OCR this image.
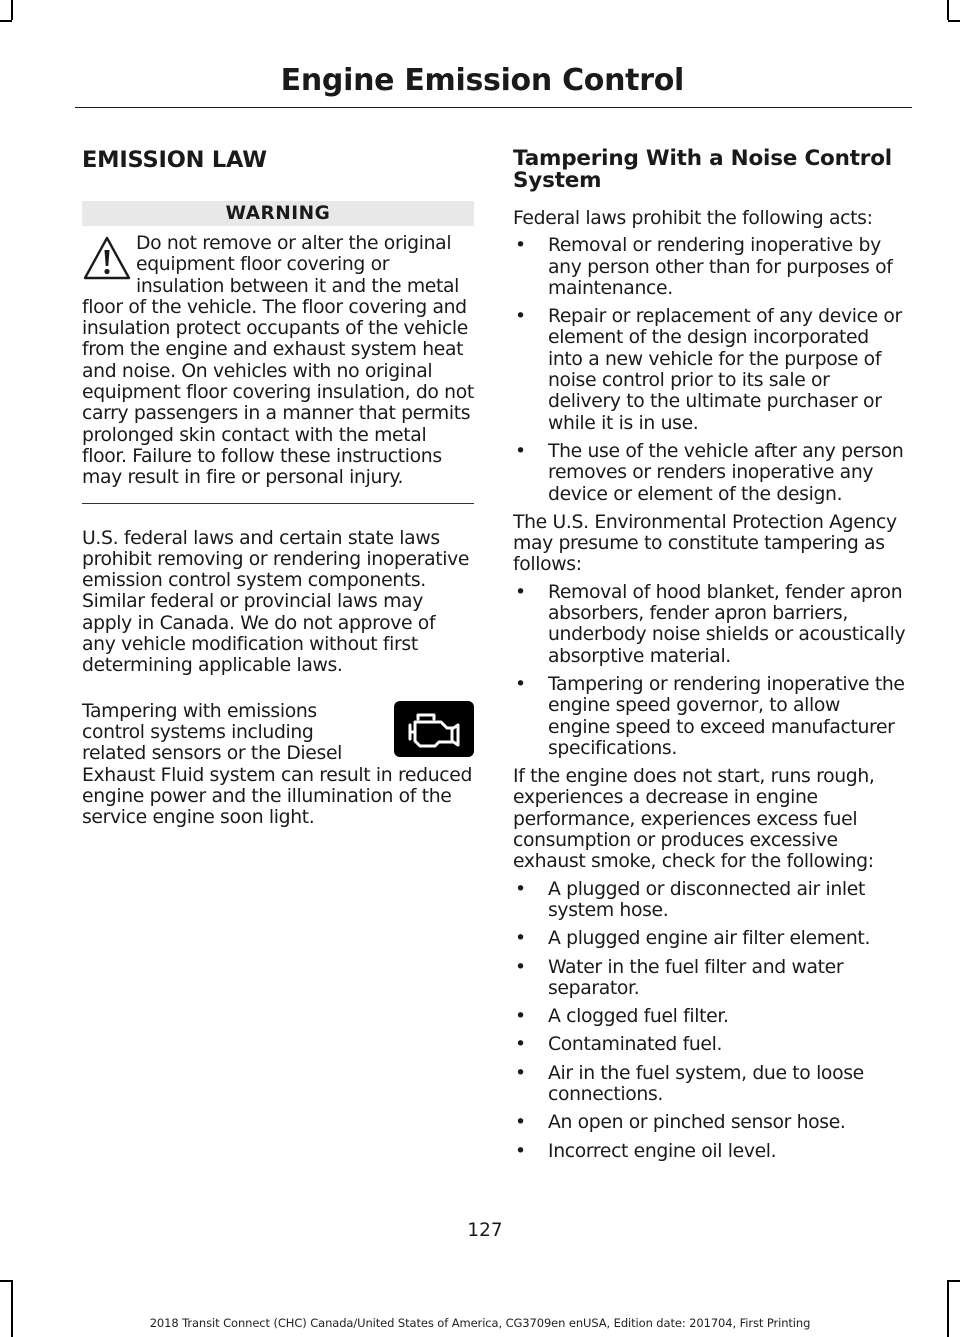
Engine Emission Control
EMISSION LAW
WARNING

Do not remove or alter the original equipment floor covering or insulation between it and the metal floor of the vehicle. The floor covering and insulation protect occupants of the vehicle from the engine and exhaust system heat and noise. On vehicles with no original equipment floor covering insulation, do not carry passengers in a manner that permits prolonged skin contact with the metal floor. Failure to follow these instructions may result in fire or personal injury.

U.S. federal laws and certain state laws prohibit removing or rendering inoperative emission control system components. Similar federal or provincial laws may apply in Canada. We do not approve of any vehicle modification without first determining applicable laws.

Tampering with emissions control systems including related sensors or the Diesel Exhaust Fluid system can result in reduced engine power and the illumination of the service engine soon light.

Tampering With a Noise Control System

Federal laws prohibit the following acts:

• Removal or rendering inoperative by any person other than for purposes of maintenance.
• Repair or replacement of any device or element of the design incorporated into a new vehicle for the purpose of noise control prior to its sale or delivery to the ultimate purchaser or while it is in use.
• The use of the vehicle after any person removes or renders inoperative any device or element of the design.

The U.S. Environmental Protection Agency may presume to constitute tampering as follows:

• Removal of hood blanket, fender apron absorbers, fender apron barriers, underbody noise shields or acoustically absorptive material.
• Tampering or rendering inoperative the engine speed governor, to allow engine speed to exceed manufacturer specifications.

If the engine does not start, runs rough, experiences a decrease in engine performance, experiences excess fuel consumption or produces excessive exhaust smoke, check for the following:

• A plugged or disconnected air inlet system hose.
• A plugged engine air filter element.
• Water in the fuel filter and water separator.
• A clogged fuel filter.
• Contaminated fuel.
• Air in the fuel system, due to loose connections.
• An open or pinched sensor hose.
• Incorrect engine oil level.
127
2018 Transit Connect (CHC) Canada/United States of America, CG3709en enUSA, Edition date: 201704, First Printing
